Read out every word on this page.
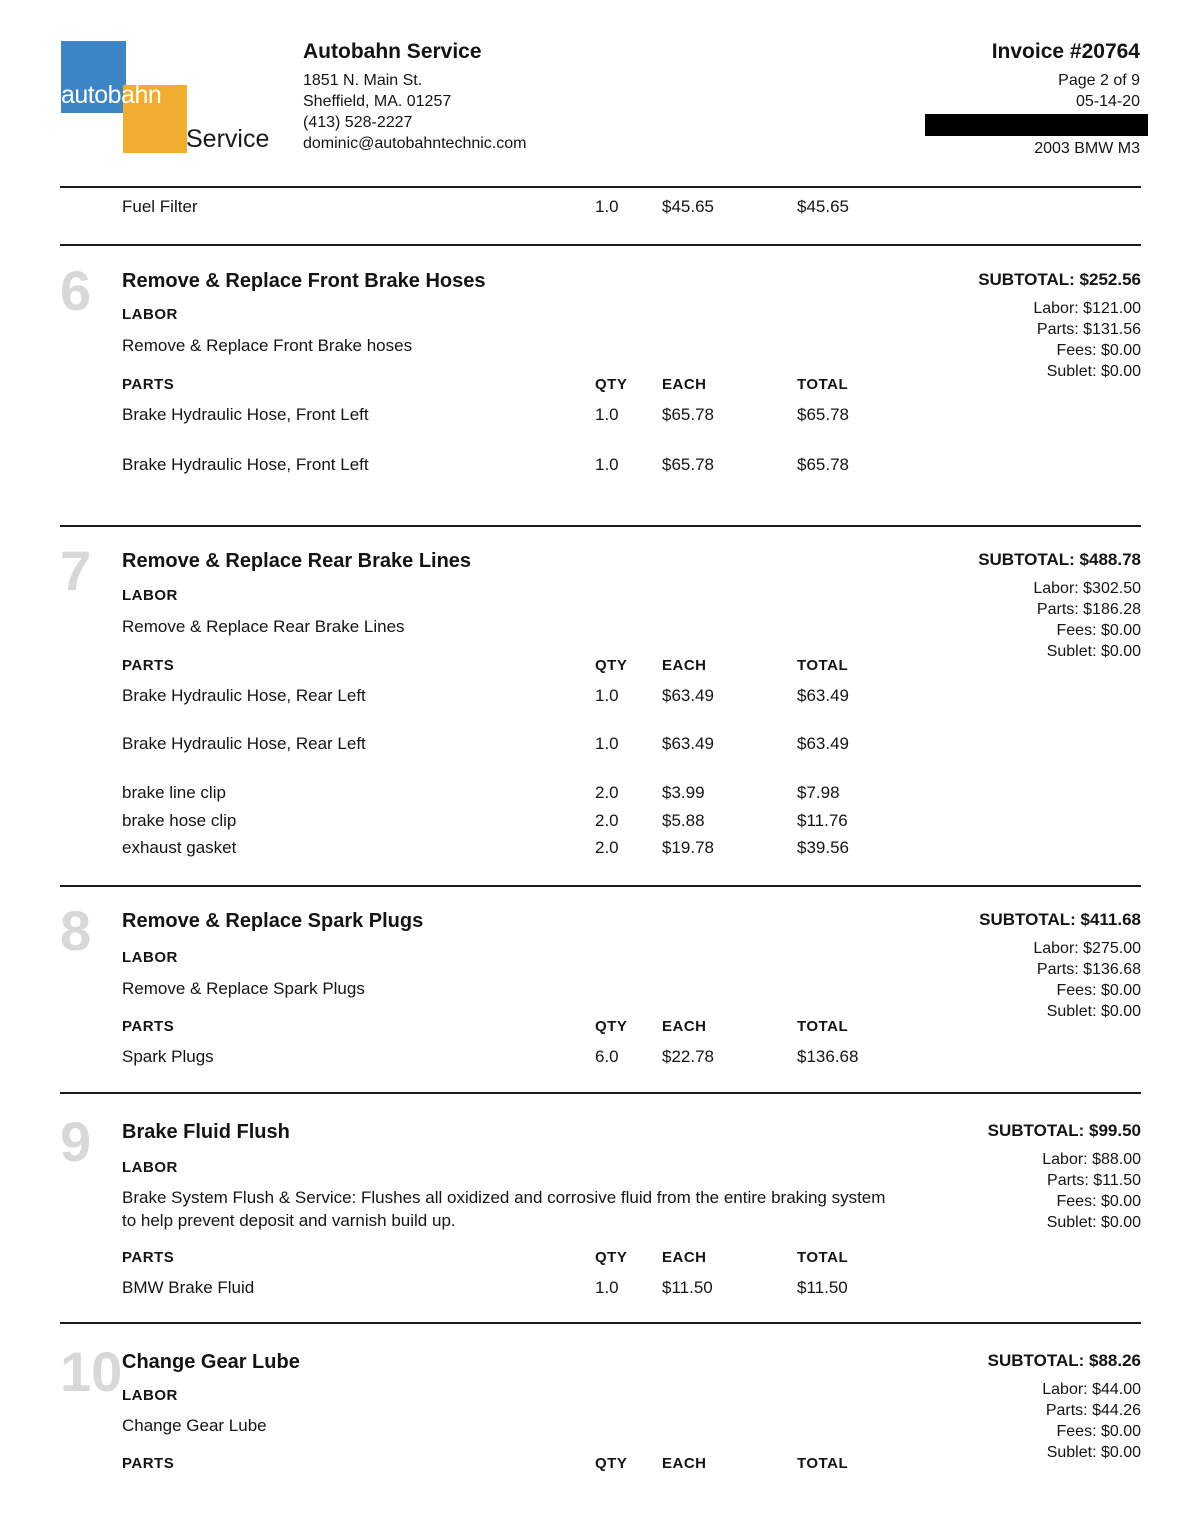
autobahn
Service
Autobahn Service
1851 N. Main St.
Sheffield, MA. 01257
(413) 528-2227
dominic@autobahntechnic.com
Invoice #20764
Page 2 of 9
05-14-20
2003 BMW M3
Fuel Filter	1.0	$45.65	$45.65
6 Remove & Replace Front Brake Hoses	SUBTOTAL: $252.56
Labor: $121.00
Parts: $131.56
Fees: $0.00
Sublet: $0.00
LABOR
Remove & Replace Front Brake hoses
PARTS	QTY EACH	TOTAL
Brake Hydraulic Hose, Front Left	1.0	$65.78	$65.78
Brake Hydraulic Hose, Front Left	1.0	$65.78	$65.78
7 Remove & Replace Rear Brake Lines	SUBTOTAL: $488.78
Labor: $302.50
Parts: $186.28
Fees: $0.00
Sublet: $0.00
LABOR
Remove & Replace Rear Brake Lines
PARTS	QTY EACH	TOTAL
Brake Hydraulic Hose, Rear Left	1.0	$63.49	$63.49
Brake Hydraulic Hose, Rear Left	1.0	$63.49	$63.49
brake line clip	2.0	$3.99	$7.98
brake hose clip	2.0	$5.88	$11.76
exhaust gasket	2.0	$19.78	$39.56
8 Remove & Replace Spark Plugs	SUBTOTAL: $411.68
Labor: $275.00
Parts: $136.68
Fees: $0.00
Sublet: $0.00
LABOR
Remove & Replace Spark Plugs
PARTS	QTY EACH	TOTAL
Spark Plugs	6.0	$22.78	$136.68
9 Brake Fluid Flush	SUBTOTAL: $99.50
Labor: $88.00
Parts: $11.50
Fees: $0.00
Sublet: $0.00
LABOR
Brake System Flush & Service: Flushes all oxidized and corrosive fluid from the entire braking system to help prevent deposit and varnish build up.
PARTS	QTY EACH	TOTAL
BMW Brake Fluid	1.0	$11.50	$11.50
10 Change Gear Lube	SUBTOTAL: $88.26
Labor: $44.00
Parts: $44.26
Fees: $0.00
Sublet: $0.00
LABOR
Change Gear Lube
PARTS	QTY EACH	TOTAL
